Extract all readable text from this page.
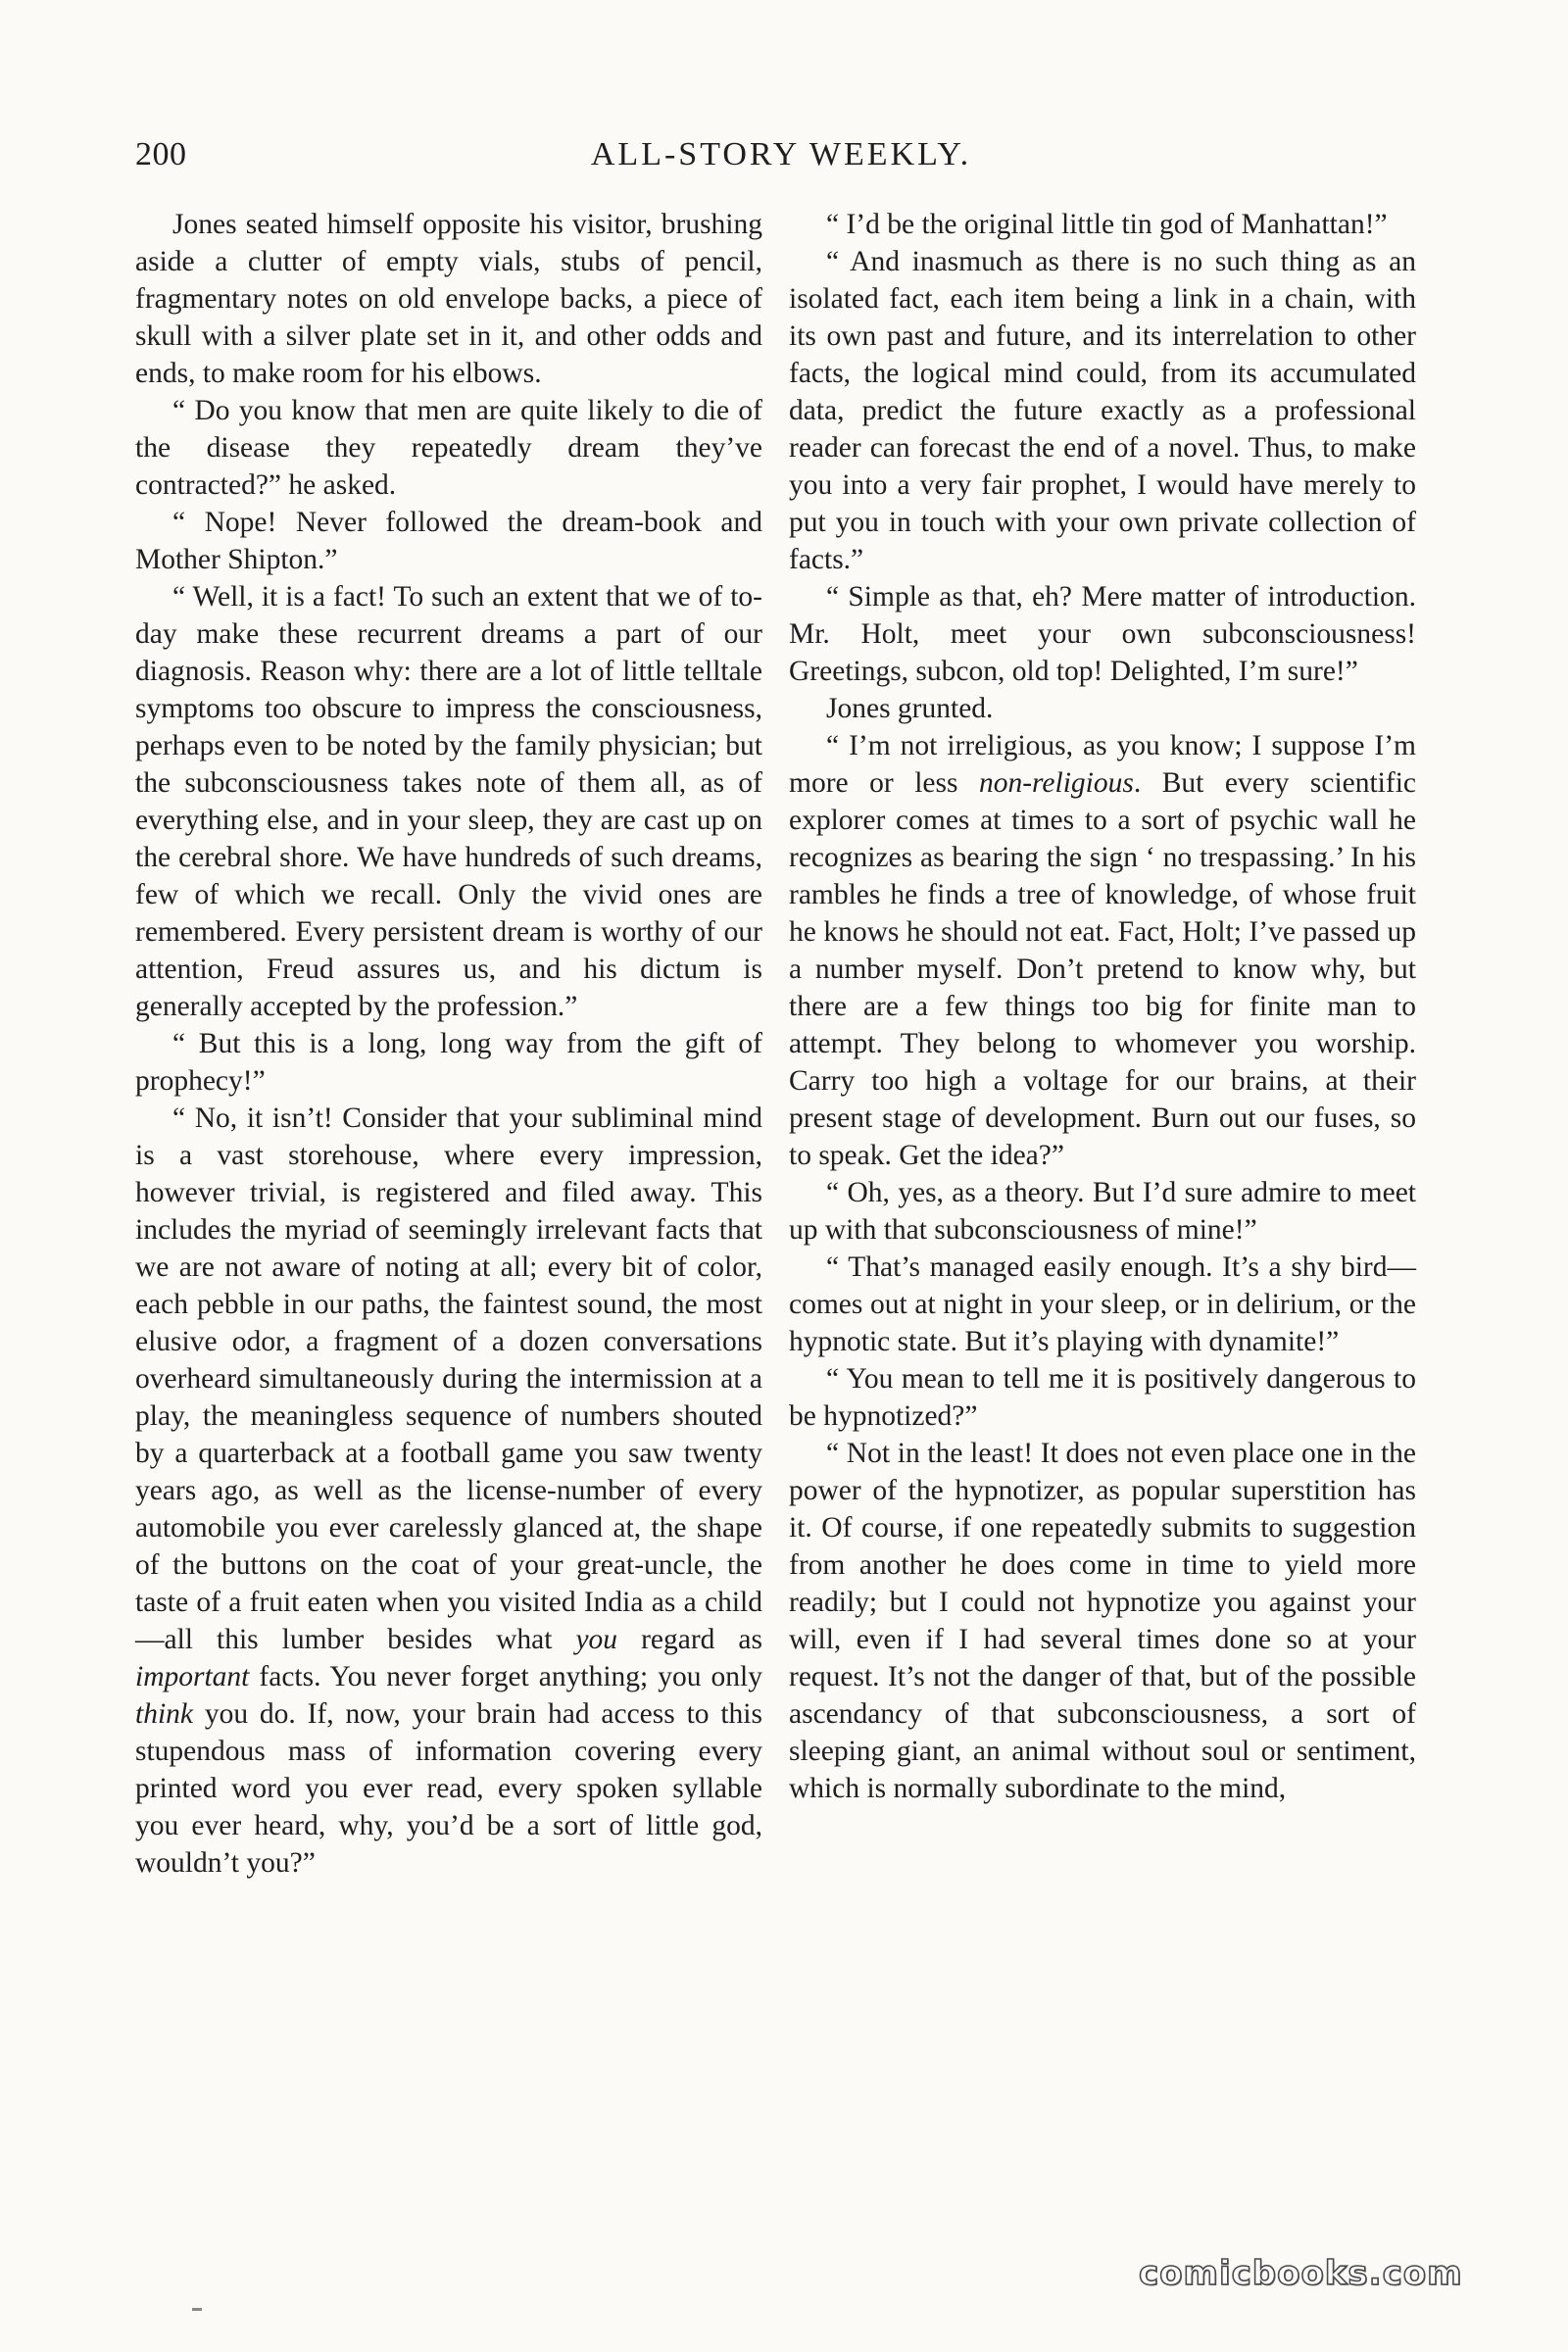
200	ALL-STORY WEEKLY.

Jones seated himself opposite his visitor, brushing aside a clutter of empty vials, stubs of pencil, fragmentary notes on old envelope backs, a piece of skull with a silver plate set in it, and other odds and ends, to make room for his elbows.

“ Do you know that men are quite likely to die of the disease they repeatedly dream they’ve contracted?” he asked.

“ Nope! Never followed the dream-book and Mother Shipton.”

“ Well, it is a fact! To such an extent that we of to-day make these recurrent dreams a part of our diagnosis. Reason why: there are a lot of little telltale symptoms too obscure to impress the consciousness, perhaps even to be noted by the family physician; but the subconsciousness takes note of them all, as of everything else, and in your sleep, they are cast up on the cerebral shore. We have hundreds of such dreams, few of which we recall. Only the vivid ones are remembered. Every persistent dream is worthy of our attention, Freud assures us, and his dictum is generally accepted by the profession.”

“ But this is a long, long way from the gift of prophecy!”

“ No, it isn’t! Consider that your subliminal mind is a vast storehouse, where every impression, however trivial, is registered and filed away. This includes the myriad of seemingly irrelevant facts that we are not aware of noting at all; every bit of color, each pebble in our paths, the faintest sound, the most elusive odor, a fragment of a dozen conversations overheard simultaneously during the intermission at a play, the meaningless sequence of numbers shouted by a quarterback at a football game you saw twenty years ago, as well as the license-number of every automobile you ever carelessly glanced at, the shape of the buttons on the coat of your great-uncle, the taste of a fruit eaten when you visited India as a child—all this lumber besides what you regard as important facts. You never forget anything; you only think you do. If, now, your brain had access to this stupendous mass of information covering every printed word you ever read, every spoken syllable you ever heard, why, you’d be a sort of little god, wouldn’t you?”

“ I’d be the original little tin god of Manhattan!”

“ And inasmuch as there is no such thing as an isolated fact, each item being a link in a chain, with its own past and future, and its interrelation to other facts, the logical mind could, from its accumulated data, predict the future exactly as a professional reader can forecast the end of a novel. Thus, to make you into a very fair prophet, I would have merely to put you in touch with your own private collection of facts.”

“ Simple as that, eh? Mere matter of introduction. Mr. Holt, meet your own subconsciousness! Greetings, subcon, old top! Delighted, I’m sure!”

Jones grunted.

“ I’m not irreligious, as you know; I suppose I’m more or less non-religious. But every scientific explorer comes at times to a sort of psychic wall he recognizes as bearing the sign ‘ no trespassing.’ In his rambles he finds a tree of knowledge, of whose fruit he knows he should not eat. Fact, Holt; I’ve passed up a number myself. Don’t pretend to know why, but there are a few things too big for finite man to attempt. They belong to whomever you worship. Carry too high a voltage for our brains, at their present stage of development. Burn out our fuses, so to speak. Get the idea?”

“ Oh, yes, as a theory. But I’d sure admire to meet up with that subconsciousness of mine!”

“ That’s managed easily enough. It’s a shy bird—comes out at night in your sleep, or in delirium, or the hypnotic state. But it’s playing with dynamite!”

“ You mean to tell me it is positively dangerous to be hypnotized?”

“ Not in the least! It does not even place one in the power of the hypnotizer, as popular superstition has it. Of course, if one repeatedly submits to suggestion from another he does come in time to yield more readily; but I could not hypnotize you against your will, even if I had several times done so at your request. It’s not the danger of that, but of the possible ascendancy of that subconsciousness, a sort of sleeping giant, an animal without soul or sentiment, which is normally subordinate to the mind,

comicbooks.com
